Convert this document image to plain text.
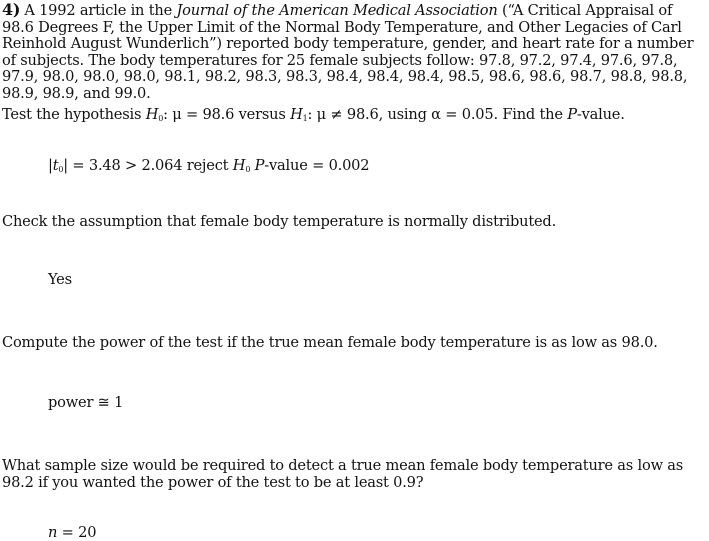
4) A 1992 article in the Journal of the American Medical Association (“A Critical Appraisal of 98.6 Degrees F, the Upper Limit of the Normal Body Temperature, and Other Legacies of Carl Reinhold August Wunderlich”) reported body temperature, gender, and heart rate for a number of subjects. The body temperatures for 25 female subjects follow: 97.8, 97.2, 97.4, 97.6, 97.8, 97.9, 98.0, 98.0, 98.0, 98.1, 98.2, 98.3, 98.3, 98.4, 98.4, 98.4, 98.5, 98.6, 98.6, 98.7, 98.8, 98.8, 98.9, 98.9, and 99.0.
Test the hypothesis $H_0$: μ = 98.6 versus $H_1$: μ ≠ 98.6, using α = 0.05. Find the P-value.
$|t_0| = 3.48 > 2.064$ reject $H_0$ P-value = 0.002
Check the assumption that female body temperature is normally distributed.
Yes
Compute the power of the test if the true mean female body temperature is as low as 98.0.
power ≅ 1
What sample size would be required to detect a true mean female body temperature as low as 98.2 if you wanted the power of the test to be at least 0.9?
n = 20
